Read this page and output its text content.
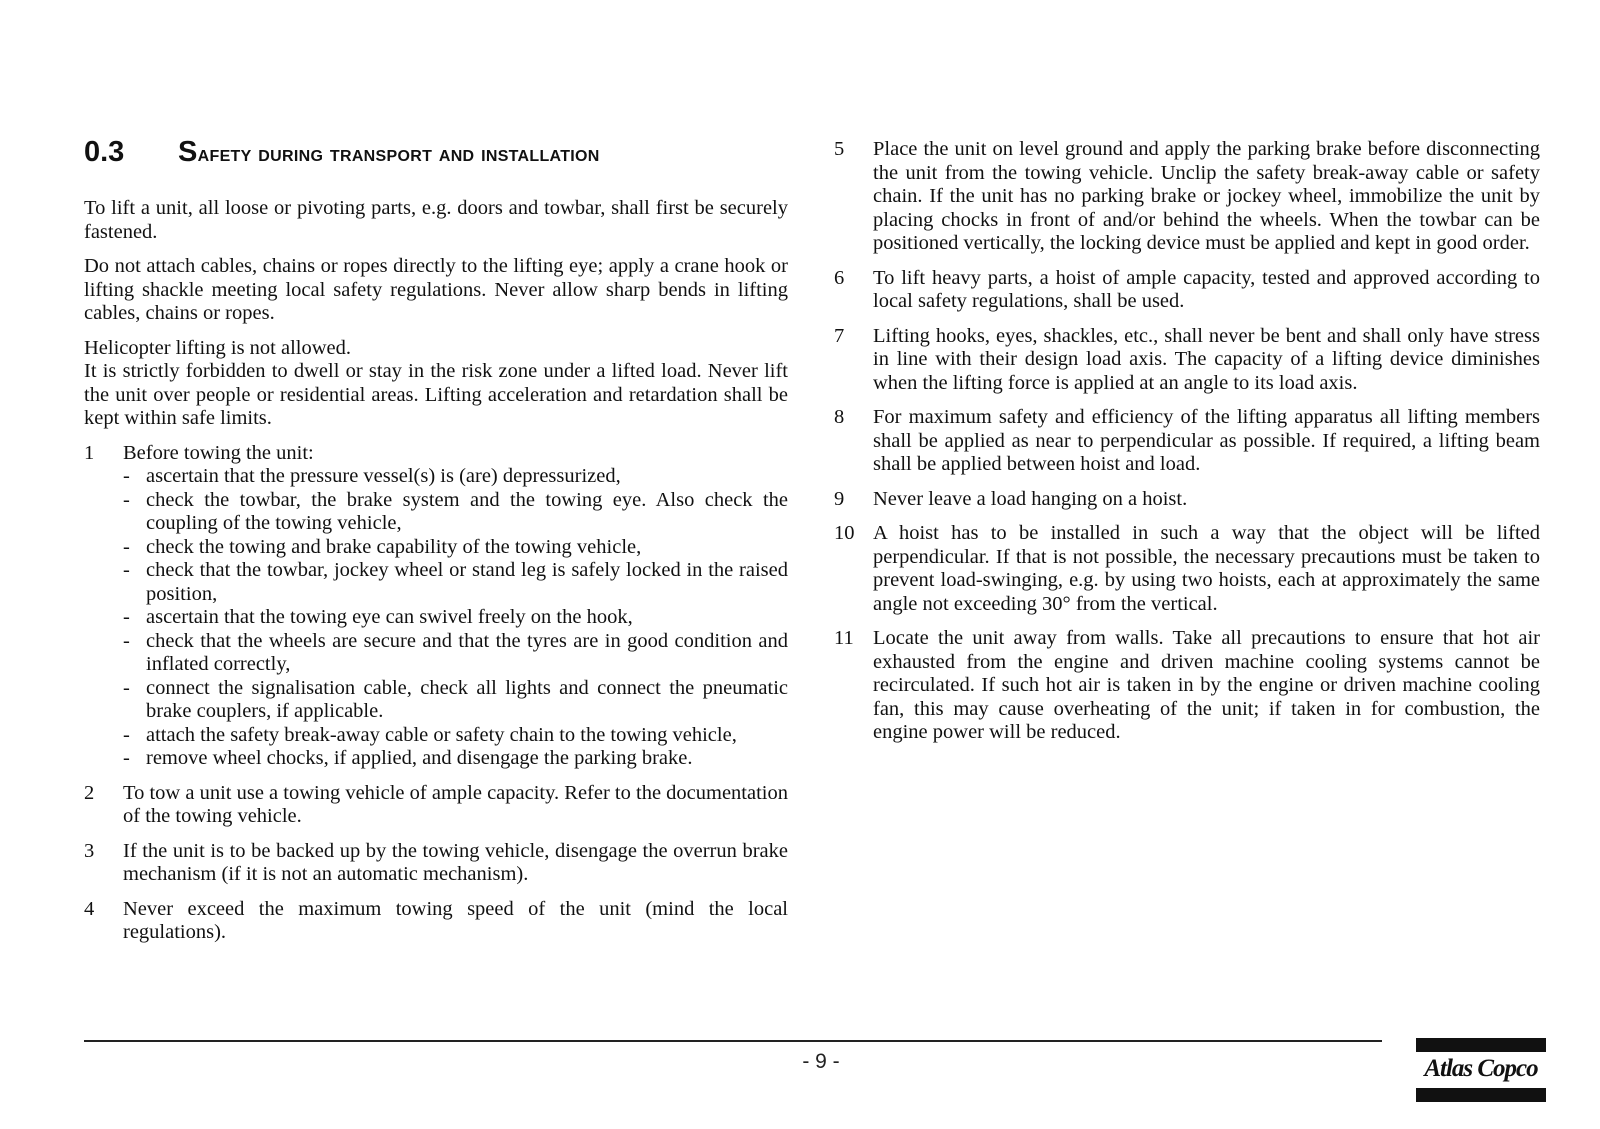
0.3	Safety during transport and installation

To lift a unit, all loose or pivoting parts, e.g. doors and towbar, shall first be securely fastened.

Do not attach cables, chains or ropes directly to the lifting eye; apply a crane hook or lifting shackle meeting local safety regulations. Never allow sharp bends in lifting cables, chains or ropes.

Helicopter lifting is not allowed.

It is strictly forbidden to dwell or stay in the risk zone under a lifted load. Never lift the unit over people or residential areas. Lifting acceleration and retardation shall be kept within safe limits.

1	Before towing the unit:
- ascertain that the pressure vessel(s) is (are) depressurized,
- check the towbar, the brake system and the towing eye. Also check the coupling of the towing vehicle,
- check the towing and brake capability of the towing vehicle,
- check that the towbar, jockey wheel or stand leg is safely locked in the raised position,
- ascertain that the towing eye can swivel freely on the hook,
- check that the wheels are secure and that the tyres are in good condition and inflated correctly,
- connect the signalisation cable, check all lights and connect the pneumatic brake couplers, if applicable.
- attach the safety break-away cable or safety chain to the towing vehicle,
- remove wheel chocks, if applied, and disengage the parking brake.
2	To tow a unit use a towing vehicle of ample capacity. Refer to the documentation of the towing vehicle.
3	If the unit is to be backed up by the towing vehicle, disengage the overrun brake mechanism (if it is not an automatic mechanism).
4	Never exceed the maximum towing speed of the unit (mind the local regulations).
5	Place the unit on level ground and apply the parking brake before disconnecting the unit from the towing vehicle. Unclip the safety break-away cable or safety chain. If the unit has no parking brake or jockey wheel, immobilize the unit by placing chocks in front of and/or behind the wheels. When the towbar can be positioned vertically, the locking device must be applied and kept in good order.
6	To lift heavy parts, a hoist of ample capacity, tested and approved according to local safety regulations, shall be used.
7	Lifting hooks, eyes, shackles, etc., shall never be bent and shall only have stress in line with their design load axis. The capacity of a lifting device diminishes when the lifting force is applied at an angle to its load axis.
8	For maximum safety and efficiency of the lifting apparatus all lifting members shall be applied as near to perpendicular as possible. If required, a lifting beam shall be applied between hoist and load.
9	Never leave a load hanging on a hoist.
10 A hoist has to be installed in such a way that the object will be lifted perpendicular. If that is not possible, the necessary precautions must be taken to prevent load-swinging, e.g. by using two hoists, each at approximately the same angle not exceeding 30° from the vertical.
11 Locate the unit away from walls. Take all precautions to ensure that hot air exhausted from the engine and driven machine cooling systems cannot be recirculated. If such hot air is taken in by the engine or driven machine cooling fan, this may cause overheating of the unit; if taken in for combustion, the engine power will be reduced.
- 9 -	Atlas Copco
